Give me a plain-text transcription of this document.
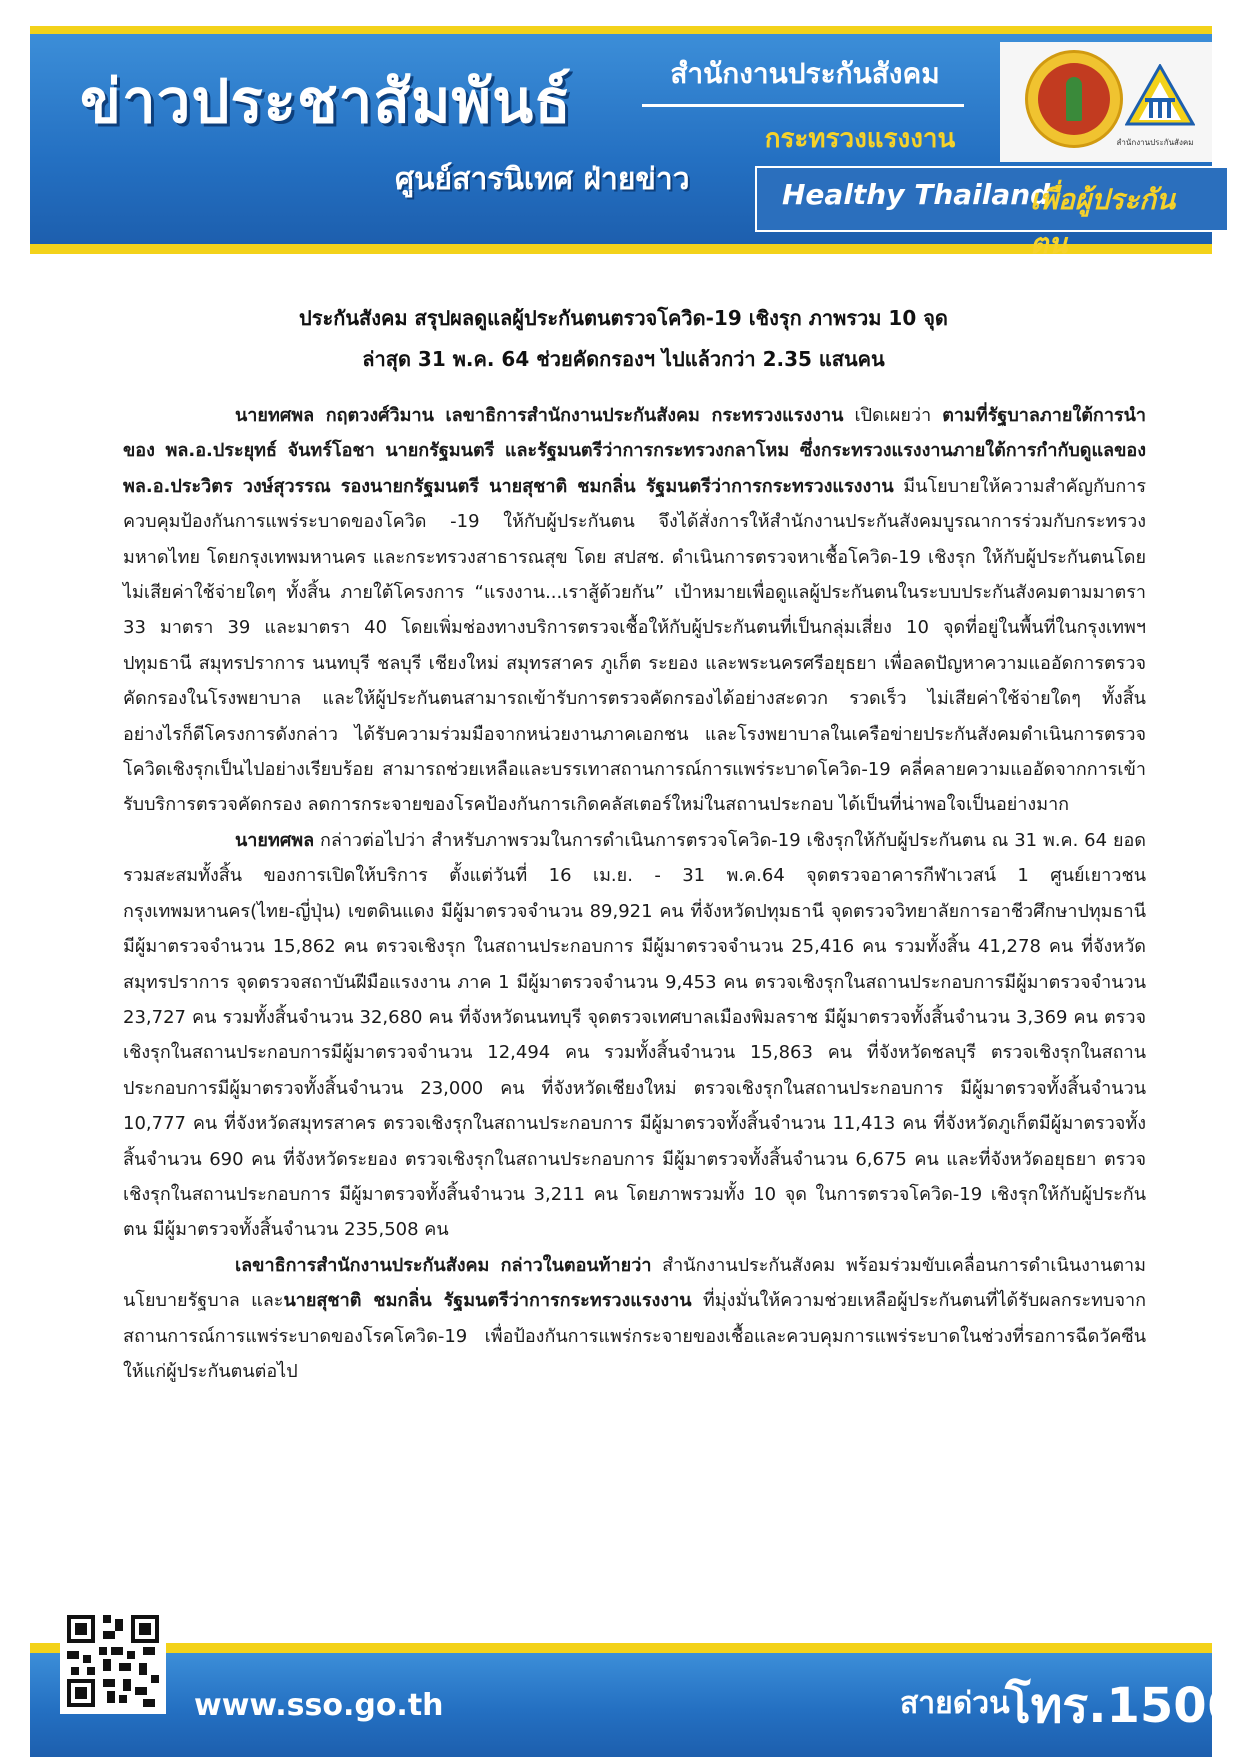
ข่าวประชาสัมพันธ์
ศูนย์สารนิเทศ ฝ่ายข่าว
สำนักงานประกันสังคม
กระทรวงแรงงาน
Healthy Thailand
เพื่อผู้ประกันตน
สำนักงานประกันสังคม
ประกันสังคม สรุปผลดูแลผู้ประกันตนตรวจโควิด-19 เชิงรุก ภาพรวม 10 จุด
ล่าสุด 31 พ.ค. 64 ช่วยคัดกรองฯ ไปแล้วกว่า 2.35 แสนคน

นายทศพล กฤตวงศ์วิมาน เลขาธิการสำนักงานประกันสังคม กระทรวงแรงงาน เปิดเผยว่า ตามที่รัฐบาลภายใต้การนำของ พล.อ.ประยุทธ์ จันทร์โอชา นายกรัฐมนตรี และรัฐมนตรีว่าการกระทรวงกลาโหม ซึ่งกระทรวงแรงงานภายใต้การกำกับดูแลของ พล.อ.ประวิตร วงษ์สุวรรณ รองนายกรัฐมนตรี นายสุชาติ ชมกลิ่น รัฐมนตรีว่าการกระทรวงแรงงาน มีนโยบายให้ความสำคัญกับการควบคุมป้องกันการแพร่ระบาดของโควิด -19 ให้กับผู้ประกันตน จึงได้สั่งการให้สำนักงานประกันสังคมบูรณาการร่วมกับกระทรวงมหาดไทย โดยกรุงเทพมหานคร และกระทรวงสาธารณสุข โดย สปสช. ดำเนินการตรวจหาเชื้อโควิด-19 เชิงรุก ให้กับผู้ประกันตนโดยไม่เสียค่าใช้จ่ายใดๆ ทั้งสิ้น ภายใต้โครงการ “แรงงาน...เราสู้ด้วยกัน” เป้าหมายเพื่อดูแลผู้ประกันตนในระบบประกันสังคมตามมาตรา 33 มาตรา 39 และมาตรา 40 โดยเพิ่มช่องทางบริการตรวจเชื้อให้กับผู้ประกันตนที่เป็นกลุ่มเสี่ยง 10 จุดที่อยู่ในพื้นที่ในกรุงเทพฯ ปทุมธานี สมุทรปราการ นนทบุรี ชลบุรี เชียงใหม่ สมุทรสาคร ภูเก็ต ระยอง และพระนครศรีอยุธยา เพื่อลดปัญหาความแออัดการตรวจคัดกรองในโรงพยาบาล และให้ผู้ประกันตนสามารถเข้ารับการตรวจคัดกรองได้อย่างสะดวก รวดเร็ว ไม่เสียค่าใช้จ่ายใดๆ ทั้งสิ้น อย่างไรก็ดีโครงการดังกล่าว ได้รับความร่วมมือจากหน่วยงานภาคเอกชน และโรงพยาบาลในเครือข่ายประกันสังคมดำเนินการตรวจโควิดเชิงรุกเป็นไปอย่างเรียบร้อย สามารถช่วยเหลือและบรรเทาสถานการณ์การแพร่ระบาดโควิด-19 คลี่คลายความแออัดจากการเข้ารับบริการตรวจคัดกรอง ลดการกระจายของโรคป้องกันการเกิดคลัสเตอร์ใหม่ในสถานประกอบ ได้เป็นที่น่าพอใจเป็นอย่างมาก

นายทศพล กล่าวต่อไปว่า สำหรับภาพรวมในการดำเนินการตรวจโควิด-19 เชิงรุกให้กับผู้ประกันตน ณ 31 พ.ค. 64 ยอดรวมสะสมทั้งสิ้น ของการเปิดให้บริการ ตั้งแต่วันที่ 16 เม.ย. - 31 พ.ค.64 จุดตรวจอาคารกีฬาเวสน์ 1 ศูนย์เยาวชน กรุงเทพมหานคร(ไทย-ญี่ปุ่น) เขตดินแดง มีผู้มาตรวจจำนวน 89,921 คน ที่จังหวัดปทุมธานี จุดตรวจวิทยาลัยการอาชีวศึกษาปทุมธานี มีผู้มาตรวจจำนวน 15,862 คน ตรวจเชิงรุก ในสถานประกอบการ มีผู้มาตรวจจำนวน 25,416 คน รวมทั้งสิ้น 41,278 คน ที่จังหวัดสมุทรปราการ จุดตรวจสถาบันฝีมือแรงงาน ภาค 1 มีผู้มาตรวจจำนวน 9,453 คน ตรวจเชิงรุกในสถานประกอบการมีผู้มาตรวจจำนวน 23,727 คน รวมทั้งสิ้นจำนวน 32,680 คน ที่จังหวัดนนทบุรี จุดตรวจเทศบาลเมืองพิมลราช มีผู้มาตรวจทั้งสิ้นจำนวน 3,369 คน ตรวจเชิงรุกในสถานประกอบการมีผู้มาตรวจจำนวน 12,494 คน รวมทั้งสิ้นจำนวน 15,863 คน ที่จังหวัดชลบุรี ตรวจเชิงรุกในสถานประกอบการมีผู้มาตรวจทั้งสิ้นจำนวน 23,000 คน ที่จังหวัดเชียงใหม่ ตรวจเชิงรุกในสถานประกอบการ มีผู้มาตรวจทั้งสิ้นจำนวน 10,777 คน ที่จังหวัดสมุทรสาคร ตรวจเชิงรุกในสถานประกอบการ มีผู้มาตรวจทั้งสิ้นจำนวน 11,413 คน ที่จังหวัดภูเก็ตมีผู้มาตรวจทั้งสิ้นจำนวน 690 คน ที่จังหวัดระยอง ตรวจเชิงรุกในสถานประกอบการ มีผู้มาตรวจทั้งสิ้นจำนวน 6,675 คน และที่จังหวัดอยุธยา ตรวจเชิงรุกในสถานประกอบการ มีผู้มาตรวจทั้งสิ้นจำนวน 3,211 คน โดยภาพรวมทั้ง 10 จุด ในการตรวจโควิด-19 เชิงรุกให้กับผู้ประกันตน มีผู้มาตรวจทั้งสิ้นจำนวน 235,508 คน

เลขาธิการสำนักงานประกันสังคม กล่าวในตอนท้ายว่า สำนักงานประกันสังคม พร้อมร่วมขับเคลื่อนการดำเนินงานตามนโยบายรัฐบาล และนายสุชาติ ชมกลิ่น รัฐมนตรีว่าการกระทรวงแรงงาน ที่มุ่งมั่นให้ความช่วยเหลือผู้ประกันตนที่ได้รับผลกระทบจากสถานการณ์การแพร่ระบาดของโรคโควิด-19 เพื่อป้องกันการแพร่กระจายของเชื้อและควบคุมการแพร่ระบาดในช่วงที่รอการฉีดวัคซีนให้แก่ผู้ประกันตนต่อไป

www.sso.go.th	สายด่วน
โทร.1506
